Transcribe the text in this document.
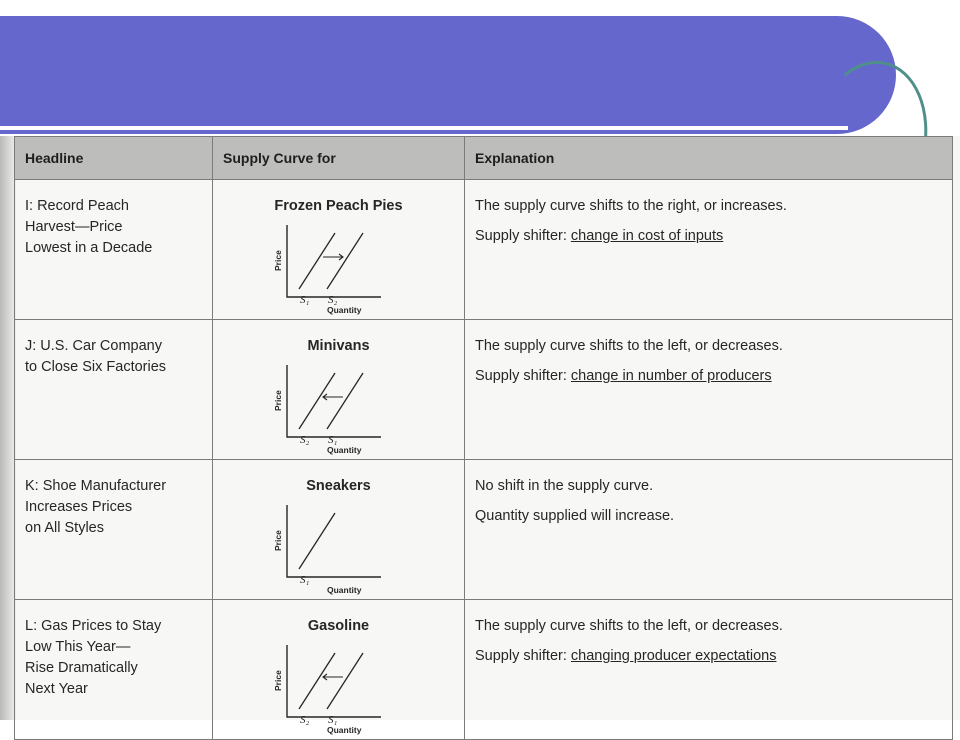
Headline	Supply Curve for	Explanation

I: Record Peach
Harvest—Price
Lowest in a Decade	Frozen Peach Pies
Price
Quantity
S₁ S₂	The supply curve shifts to the right, or increases.
Supply shifter: change in cost of inputs

J: U.S. Car Company
to Close Six Factories	Minivans
Price
Quantity
S₂ S₁	The supply curve shifts to the left, or decreases.
Supply shifter: change in number of producers

K: Shoe Manufacturer
Increases Prices
on All Styles	Sneakers
Price
Quantity
S₁	No shift in the supply curve.
Quantity supplied will increase.

L: Gas Prices to Stay
Low This Year—
Rise Dramatically
Next Year	Gasoline
Price
Quantity
S₂ S₁	The supply curve shifts to the left, or decreases.
Supply shifter: changing producer expectations
